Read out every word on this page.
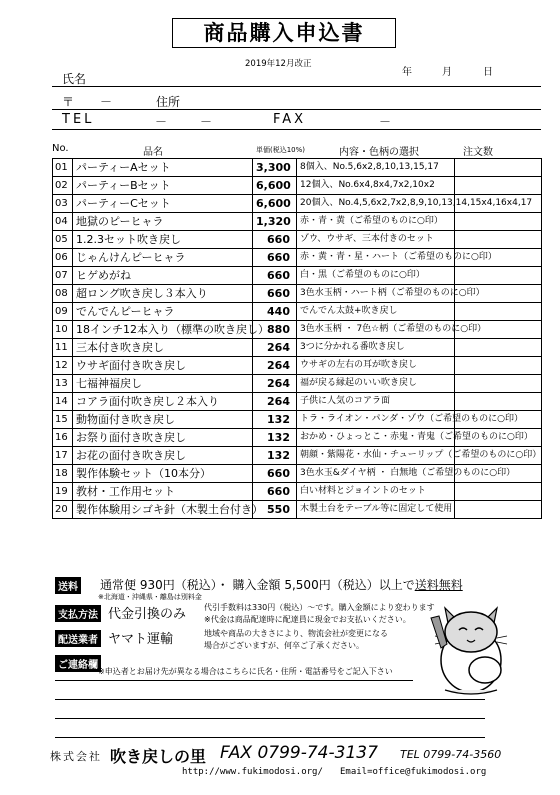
商品購入申込書
2019年12月改正
年	月	日
氏名
〒 －	住所
TEL	－	－	FAX	－
No.	品名	単価(税込10%)	内容・色柄の選択	注文数
01	パーティーAセット	3,300	8個入、No.5,6x2,8,10,13,15,17	
02	パーティーBセット	6,600	12個入、No.6x4,8x4,7x2,10x2	
03	パーティーCセット	6,600	20個入、No.4,5,6x2,7x2,8,9,10,13,14,15x4,16x4,17	
04	地獄のピーヒャラ	1,320	赤・青・黄（ご希望のものに○印）	
05	1.2.3セット吹き戻し	660	ゾウ、ウサギ、三本付きのセット	
06	じゃんけんピーヒャラ	660	赤・黄・青・星・ハート（ご希望のものに○印）	
07	ヒゲめがね	660	白・黒（ご希望のものに○印）	
08	超ロング吹き戻し３本入り	660	3色水玉柄・ハート柄（ご希望のものに○印）	
09	でんでんピーヒャラ	440	でんでん太鼓+吹き戻し	
10	18インチ12本入り（標準の吹き戻し）	880	3色水玉柄 ・ 7色☆柄（ご希望のものに○印）	
11	三本付き吹き戻し	264	3つに分かれる番吹き戻し	
12	ウサギ面付き吹き戻し	264	ウサギの左右の耳が吹き戻し	
13	七福神福戻し	264	福が戻る縁起のいい吹き戻し	
14	コアラ面付吹き戻し２本入り	264	子供に人気のコアラ面	
15	動物面付き吹き戻し	132	トラ・ライオン・パンダ・ゾウ（ご希望のものに○印）	
16	お祭り面付き吹き戻し	132	おかめ・ひょっとこ・赤鬼・青鬼（ご希望のものに○印）	
17	お花の面付き吹き戻し	132	朝顔・紫陽花・水仙・チューリップ（ご希望のものに○印）	
18	製作体験セット（10本分）	660	3色水玉&ダイヤ柄 ・ 白無地（ご希望のものに○印）	
19	教材・工作用セット	660	白い材料とジョイントのセット	
20	製作体験用シゴキ針（木製土台付き）	550	木製土台をテーブル等に固定して使用	
送料 通常便 930円（税込）・ 購入金額 5,500円（税込）以上で送料無料
※北海道・沖縄県・離島は別料金
支払方法 代金引換のみ 代引手数料は330円（税込）～です。購入金額により変わります
※代金は商品配達時に配達員に現金でお支払いください。
配送業者 ヤマト運輸	地域や商品の大きさにより、物流会社が変更になる
場合がございますが、何卒ご了承ください。
ご連絡欄
※申込者とお届け先が異なる場合はこちらに氏名・住所・電話番号をご記入下さい
株式会社 吹き戻しの里 FAX 0799-74-3137 TEL 0799-74-3560
http://www.fukimodosi.org/ Email=office@fukimodosi.org
